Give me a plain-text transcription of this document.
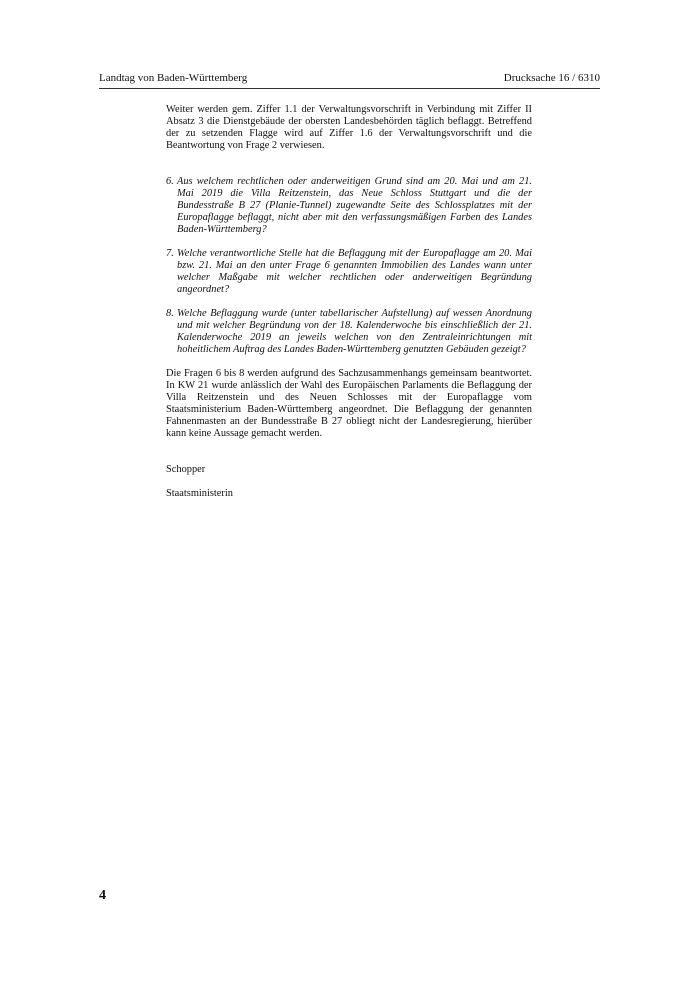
Landtag von Baden-Württemberg	Drucksache 16 / 6310

Weiter werden gem. Ziffer 1.1 der Verwaltungsvorschrift in Verbindung mit Ziffer II Absatz 3 die Dienstgebäude der obersten Landesbehörden täglich beflaggt. Betreffend der zu setzenden Flagge wird auf Ziffer 1.6 der Verwaltungsvorschrift und die Beantwortung von Frage 2 verwiesen.

6. Aus welchem rechtlichen oder anderweitigen Grund sind am 20. Mai und am 21. Mai 2019 die Villa Reitzenstein, das Neue Schloss Stuttgart und die der Bundesstraße B 27 (Planie-Tunnel) zugewandte Seite des Schlossplatzes mit der Europaflagge beflaggt, nicht aber mit den verfassungsmäßigen Farben des Landes Baden-Württemberg?
7. Welche verantwortliche Stelle hat die Beflaggung mit der Europaflagge am 20. Mai bzw. 21. Mai an den unter Frage 6 genannten Immobilien des Landes wann unter welcher Maßgabe mit welcher rechtlichen oder anderweitigen Begründung angeordnet?
8. Welche Beflaggung wurde (unter tabellarischer Aufstellung) auf wessen Anordnung und mit welcher Begründung von der 18. Kalenderwoche bis einschließlich der 21. Kalenderwoche 2019 an jeweils welchen von den Zentraleinrichtungen mit hoheitlichem Auftrag des Landes Baden-Württemberg genutzten Gebäuden gezeigt?

Die Fragen 6 bis 8 werden aufgrund des Sachzusammenhangs gemeinsam beantwortet. In KW 21 wurde anlässlich der Wahl des Europäischen Parlaments die Beflaggung der Villa Reitzenstein und des Neuen Schlosses mit der Europaflagge vom Staatsministerium Baden-Württemberg angeordnet. Die Beflaggung der genannten Fahnenmasten an der Bundesstraße B 27 obliegt nicht der Landesregierung, hierüber kann keine Aussage gemacht werden.

Schopper

Staatsministerin

4
